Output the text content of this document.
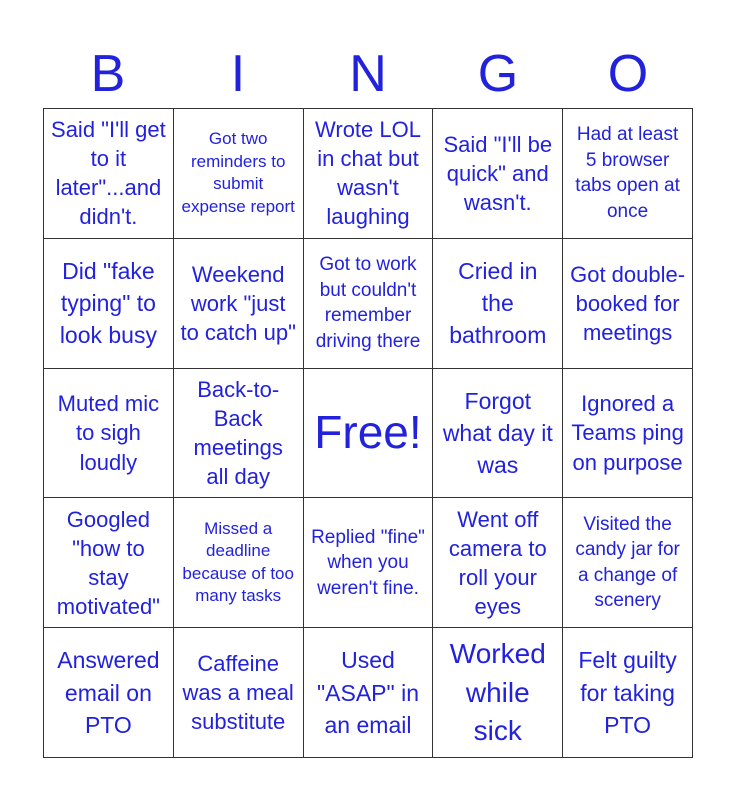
B	I	N	G	O
Said "I'll get to it later"...and didn't.
Got two reminders to submit expense report
Wrote LOL in chat but wasn't laughing
Said "I'll be quick" and wasn't.
Had at least 5 browser tabs open at once
Did "fake typing" to look busy
Weekend work "just to catch up"
Got to work but couldn't remember driving there
Cried in the bathroom
Got double-booked for meetings
Muted mic to sigh loudly
Back-to-Back meetings all day
Free!
Forgot what day it was
Ignored a Teams ping on purpose
Googled "how to stay motivated"
Missed a deadline because of too many tasks
Replied "fine" when you weren't fine.
Went off camera to roll your eyes
Visited the candy jar for a change of scenery
Answered email on PTO
Caffeine was a meal substitute
Used "ASAP" in an email
Worked while sick
Felt guilty for taking PTO
